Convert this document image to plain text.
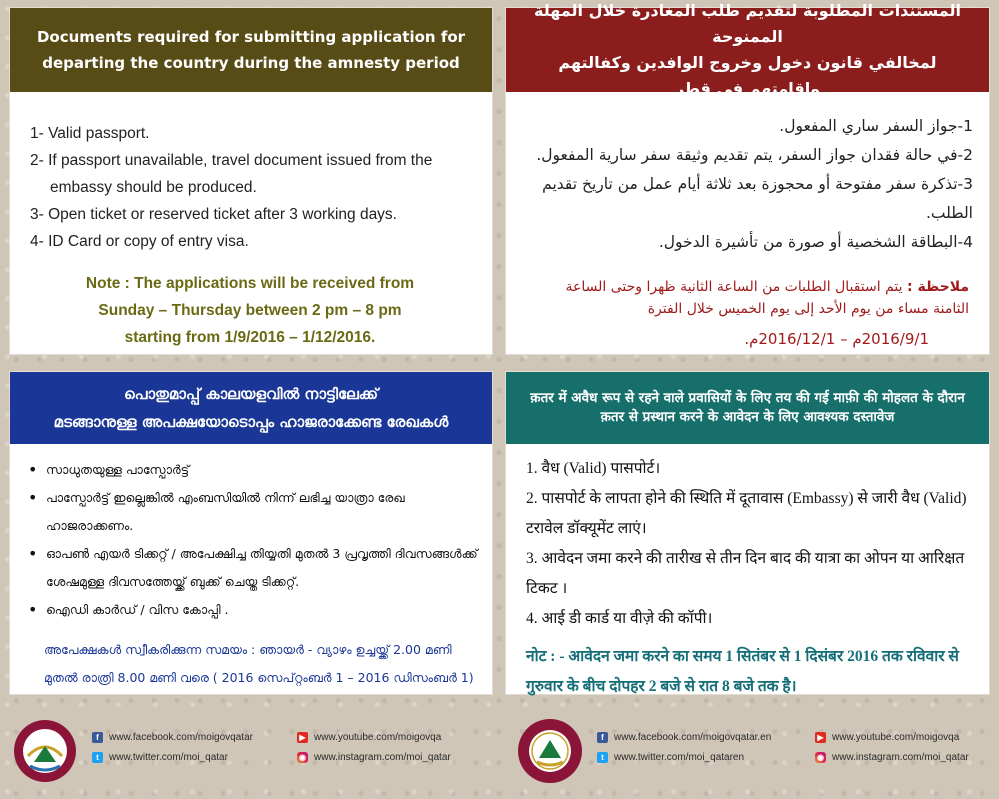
Documents required for submitting application for departing the country during the amnesty period
1- Valid passport.
2- If passport unavailable, travel document issued from the embassy should be produced.
3- Open ticket or reserved ticket after 3 working days.
4- ID Card or copy of entry visa.
Note : The applications will be received from
Sunday – Thursday between 2 pm – 8 pm
starting from 1/9/2016 – 1/12/2016.
المستندات المطلوبة لتقديم طلب المغادرة خلال المهلة الممنوحة
لمخالفي قانون دخول وخروج الوافدين وكفالتهم وإقامتهم في قطر
1-جواز السفر ساري المفعول.
2-في حالة فقدان جواز السفر، يتم تقديم وثيقة سفر سارية المفعول.
3-تذكرة سفر مفتوحة أو محجوزة بعد ثلاثة أيام عمل من تاريخ تقديم الطلب.
4-البطاقة الشخصية أو صورة من تأشيرة الدخول.
ملاحظة : يتم استقبال الطلبات من الساعة الثانية ظهرا وحتى الساعة الثامنة مساء من يوم الأحد إلى يوم الخميس خلال الفترة
2016/9/1م – 2016/12/1م.
പൊതുമാപ്പ് കാലയളവിൽ നാട്ടിലേക്ക്
മടങ്ങാനുള്ള അപക്ഷയോടൊപ്പം ഹാജരാക്കേണ്ട രേഖകൾ
• സാധുതയുള്ള പാസ്പോർട്ട്
• പാസ്പോർട്ട് ഇല്ലെങ്കിൽ എംബസിയിൽ നിന്ന് ലഭിച്ച യാത്രാ രേഖ ഹാജരാക്കണം.
• ഓപൺ എയർ ടിക്കറ്റ് / അപേക്ഷിച്ച തിയ്യതി മുതൽ 3 പ്രവൃത്തി ദിവസങ്ങൾക്ക് ശേഷമുള്ള ദിവസത്തേയ്ക്ക് ബുക്ക് ചെയ്ത ടിക്കറ്റ്.
• ഐഡി കാർഡ് / വിസ കോപ്പി .
അപേക്ഷകൾ സ്വീകരിക്കുന്ന സമയം : ഞായർ - വ്യാഴം ഉച്ചയ്ക്ക് 2.00 മണി മുതൽ രാത്രി 8.00 മണി വരെ ( 2016 സെപ്റ്റംബർ 1 – 2016 ഡിസംബർ 1)
क़तर में अवैध रूप से रहने वाले प्रवासियों के लिए तय की गई माफ़ी की मोहलत के दौरान क़तर से प्रस्थान करने के आवेदन के लिए आवश्यक दस्तावेज
1. वैध (Valid) पासपोर्ट।
2. पासपोर्ट के लापता होने की स्थिति में दूतावास (Embassy) से जारी वैध (Valid) टरावेल डॉक्यूमेंट लाएं।
3. आवेदन जमा करने की तारीख से तीन दिन बाद की यात्रा का ओपन या आरिक्षत टिकट ।
4. आई डी कार्ड या वीज़े की कॉपी।
नोट : - आवेदन जमा करने का समय 1 सितंबर से 1 दिसंबर 2016 तक रविवार से गुरुवार के बीच दोपहर 2 बजे से रात 8 बजे तक है।
f	www.facebook.com/moigovqatar	▶ www.youtube.com/moigovqa
t	www.twitter.com/moi_qatar	◉ www.instagram.com/moi_qatar
f	www.facebook.com/moigovqatar.en	▶ www.youtube.com/moigovqa
t	www.twitter.com/moi_qataren	◉ www.instagram.com/moi_qatar
